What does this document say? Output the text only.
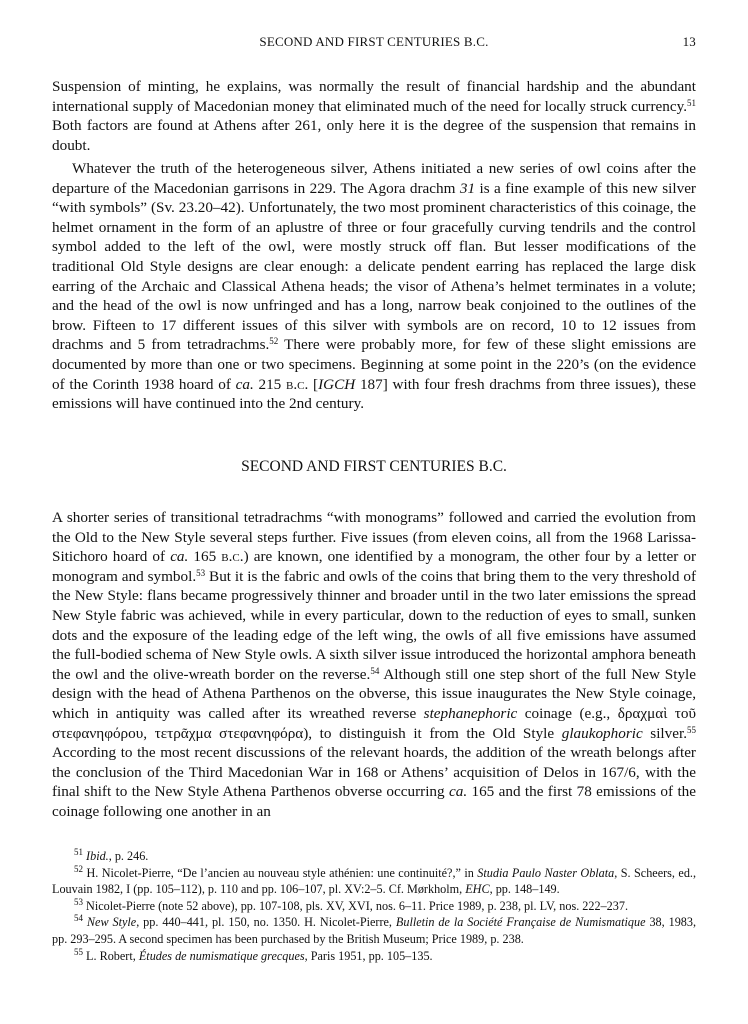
SECOND AND FIRST CENTURIES B.C.	13

Suspension of minting, he explains, was normally the result of financial hardship and the abundant international supply of Macedonian money that eliminated much of the need for locally struck currency.$^{51}$ Both factors are found at Athens after 261, only here it is the degree of the suspension that remains in doubt.

Whatever the truth of the heterogeneous silver, Athens initiated a new series of owl coins after the departure of the Macedonian garrisons in 229. The Agora drachm 31 is a fine example of this new silver “with symbols” (Sv. 23.20–42). Unfortunately, the two most prominent characteristics of this coinage, the helmet ornament in the form of an aplustre of three or four gracefully curving tendrils and the control symbol added to the left of the owl, were mostly struck off flan. But lesser modifications of the traditional Old Style designs are clear enough: a delicate pendent earring has replaced the large disk earring of the Archaic and Classical Athena heads; the visor of Athena’s helmet terminates in a volute; and the head of the owl is now unfringed and has a long, narrow beak conjoined to the outlines of the brow. Fifteen to 17 different issues of this silver with symbols are on record, 10 to 12 issues from drachms and 5 from tetradrachms.$^{52}$ There were probably more, for few of these slight emissions are documented by more than one or two specimens. Beginning at some point in the 220’s (on the evidence of the Corinth 1938 hoard of ca. 215 b.c. [IGCH 187] with four fresh drachms from three issues), these emissions will have continued into the 2nd century.

SECOND AND FIRST CENTURIES B.C.

A shorter series of transitional tetradrachms “with monograms” followed and carried the evolution from the Old to the New Style several steps further. Five issues (from eleven coins, all from the 1968 Larissa-Sitichoro hoard of ca. 165 b.c.) are known, one identified by a monogram, the other four by a letter or monogram and symbol.$^{53}$ But it is the fabric and owls of the coins that bring them to the very threshold of the New Style: flans became progressively thinner and broader until in the two later emissions the spread New Style fabric was achieved, while in every particular, down to the reduction of eyes to small, sunken dots and the exposure of the leading edge of the left wing, the owls of all five emissions have assumed the full-bodied schema of New Style owls. A sixth silver issue introduced the horizontal amphora beneath the owl and the olive-wreath border on the reverse.$^{54}$ Although still one step short of the full New Style design with the head of Athena Parthenos on the obverse, this issue inaugurates the New Style coinage, which in antiquity was called after its wreathed reverse stephanephoric coinage (e.g., δραχμαὶ τοῦ στεφανηφόρου, τετρᾶχμα στεφανηφόρα), to distinguish it from the Old Style glaukophoric silver.$^{55}$ According to the most recent discussions of the relevant hoards, the addition of the wreath belongs after the conclusion of the Third Macedonian War in 168 or Athens’ acquisition of Delos in 167/6, with the final shift to the New Style Athena Parthenos obverse occurring ca. 165 and the first 78 emissions of the coinage following one another in an

$^{51}$ Ibid., p. 246.

$^{52}$ H. Nicolet-Pierre, “De l’ancien au nouveau style athénien: une continuité?,” in Studia Paulo Naster Oblata, S. Scheers, ed., Louvain 1982, I (pp. 105–112), p. 110 and pp. 106–107, pl. XV:2–5. Cf. Mørkholm, EHC, pp. 148–149.

$^{53}$ Nicolet-Pierre (note 52 above), pp. 107-108, pls. XV, XVI, nos. 6–11. Price 1989, p. 238, pl. LV, nos. 222–237.

$^{54}$ New Style, pp. 440–441, pl. 150, no. 1350. H. Nicolet-Pierre, Bulletin de la Société Française de Numismatique 38, 1983, pp. 293–295. A second specimen has been purchased by the British Museum; Price 1989, p. 238.

$^{55}$ L. Robert, Études de numismatique grecques, Paris 1951, pp. 105–135.
